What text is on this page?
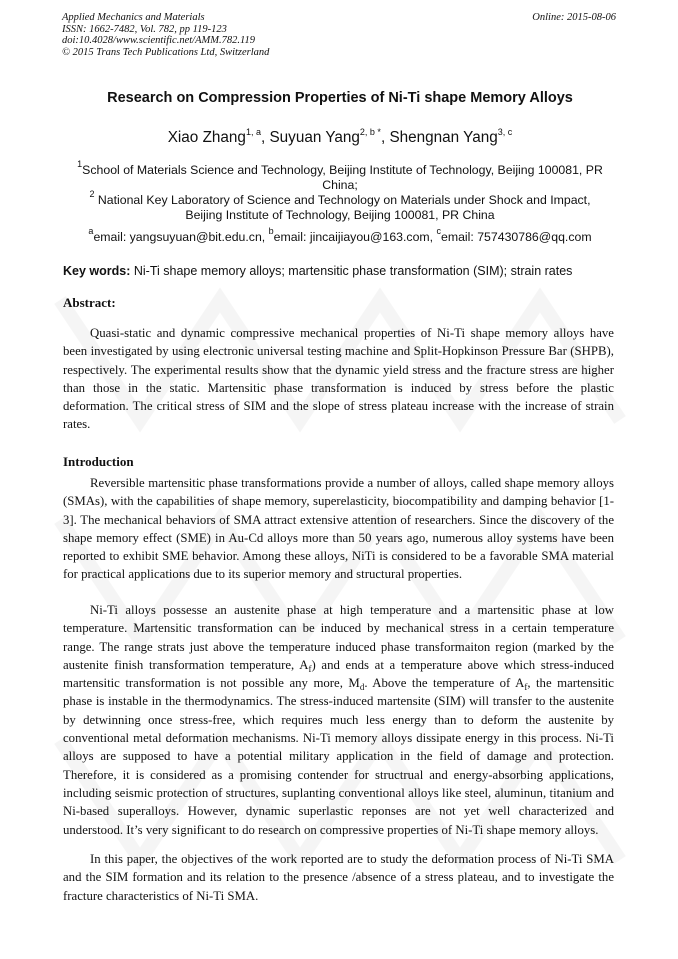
Applied Mechanics and Materials
ISSN: 1662-7482, Vol. 782, pp 119-123
doi:10.4028/www.scientific.net/AMM.782.119
© 2015 Trans Tech Publications Ltd, Switzerland
Online: 2015-08-06
Research on Compression Properties of Ni-Ti shape Memory Alloys
Xiao Zhang$^{1, a}$, Suyuan Yang$^{2, b *}$, Shengnan Yang$^{3, c}$
$^1$School of Materials Science and Technology, Beijing Institute of Technology, Beijing 100081, PR China;
$^2$ National Key Laboratory of Science and Technology on Materials under Shock and Impact,
Beijing Institute of Technology, Beijing 100081, PR China
$^a$email: yangsuyuan@bit.edu.cn, $^b$email: jincaijiayou@163.com, $^c$email: 757430786@qq.com
Key words: Ni-Ti shape memory alloys; martensitic phase transformation (SIM); strain rates
Abstract:

Quasi-static and dynamic compressive mechanical properties of Ni-Ti shape memory alloys have been investigated by using electronic universal testing machine and Split-Hopkinson Pressure Bar (SHPB), respectively. The experimental results show that the dynamic yield stress and the fracture stress are higher than those in the static. Martensitic phase transformation is induced by stress before the plastic deformation. The critical stress of SIM and the slope of stress plateau increase with the increase of strain rates.

Introduction

Reversible martensitic phase transformations provide a number of alloys, called shape memory alloys (SMAs), with the capabilities of shape memory, superelasticity, biocompatibility and damping behavior [1-3]. The mechanical behaviors of SMA attract extensive attention of researchers. Since the discovery of the shape memory effect (SME) in Au-Cd alloys more than 50 years ago, numerous alloy systems have been reported to exhibit SME behavior. Among these alloys, NiTi is considered to be a favorable SMA material for practical applications due to its superior memory and structural properties.

Ni-Ti alloys possesse an austenite phase at high temperature and a martensitic phase at low temperature. Martensitic transformation can be induced by mechanical stress in a certain temperature range. The range strats just above the temperature induced phase transformaiton region (marked by the austenite finish transformation temperature, $A_f$) and ends at a temperature above which stress-induced martensitic transformation is not possible any more, $M_d$. Above the temperature of $A_f$, the martensitic phase is instable in the thermodynamics. The stress-induced martensite (SIM) will transfer to the austenite by detwinning once stress-free, which requires much less energy than to deform the austenite by conventional metal deformation mechanisms. Ni-Ti memory alloys dissipate energy in this process. Ni-Ti alloys are supposed to have a potential military application in the field of damage and protection. Therefore, it is considered as a promising contender for structrual and energy-absorbing applications, including seismic protection of structures, suplanting conventional alloys like steel, aluminun, titanium and Ni-based superalloys. However, dynamic superlastic reponses are not yet well characterized and understood. It’s very significant to do research on compressive properties of Ni-Ti shape memory alloys.

In this paper, the objectives of the work reported are to study the deformation process of Ni-Ti SMA and the SIM formation and its relation to the presence /absence of a stress plateau, and to investigate the fracture characteristics of Ni-Ti SMA.
